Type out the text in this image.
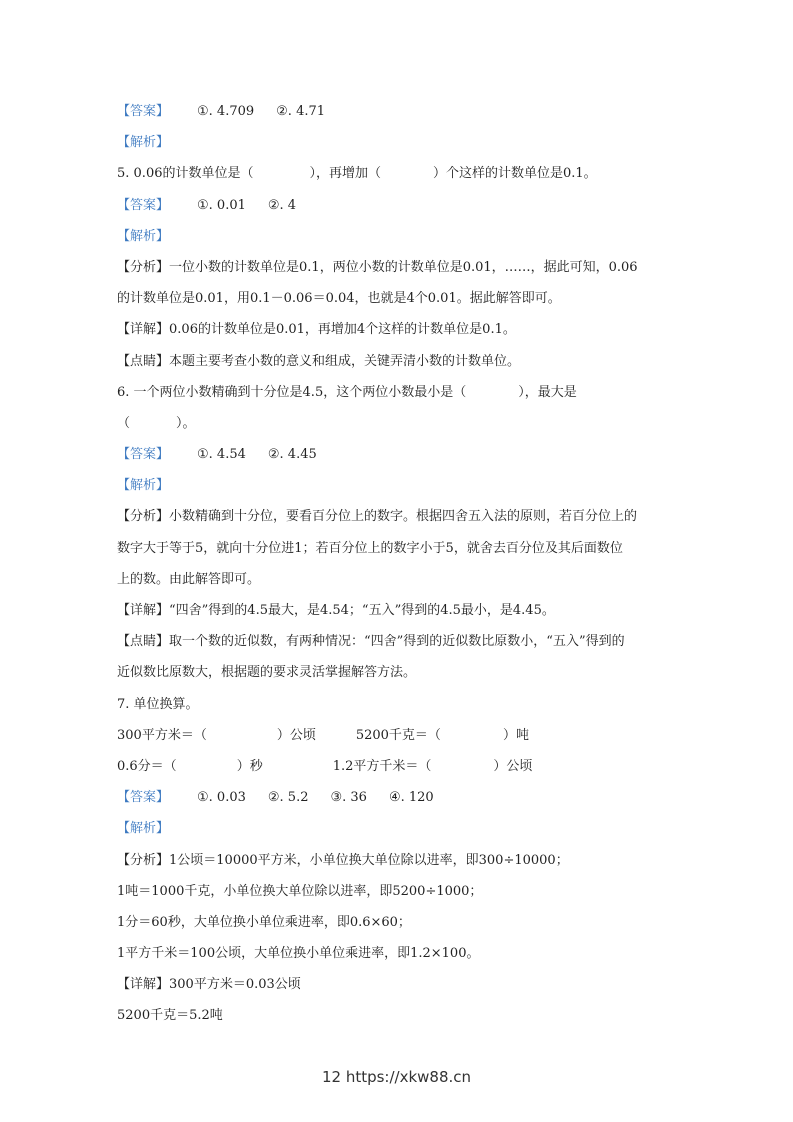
【答案】 ①. 4.709 ②. 4.71
【解析】
5. 0.06的计数单位是（	），再增加（	）个这样的计数单位是0.1。
【答案】 ①. 0.01 ②. 4
【解析】
【分析】一位小数的计数单位是0.1，两位小数的计数单位是0.01，……，据此可知，0.06
的计数单位是0.01，用0.1－0.06＝0.04，也就是4个0.01。据此解答即可。
【详解】0.06的计数单位是0.01，再增加4个这样的计数单位是0.1。
【点睛】本题主要考查小数的意义和组成，关键弄清小数的计数单位。
6. 一个两位小数精确到十分位是4.5，这个两位小数最小是（	），最大是
（	）。
【答案】 ①. 4.54 ②. 4.45
【解析】
【分析】小数精确到十分位，要看百分位上的数字。根据四舍五入法的原则，若百分位上的
数字大于等于5，就向十分位进1；若百分位上的数字小于5，就舍去百分位及其后面数位
上的数。由此解答即可。
【详解】“四舍”得到的4.5最大，是4.54；“五入”得到的4.5最小，是4.45。
【点睛】取一个数的近似数，有两种情况：“四舍”得到的近似数比原数小，“五入”得到的
近似数比原数大，根据题的要求灵活掌握解答方法。
7. 单位换算。
300平方米＝（	）公顷	5200千克＝（	）吨
0.6分＝（	）秒	1.2平方千米＝（	）公顷
【答案】 ①. 0.03 ②. 5.2 ③. 36 ④. 120
【解析】
【分析】1公顷＝10000平方米，小单位换大单位除以进率，即300÷10000；
1吨＝1000千克，小单位换大单位除以进率，即5200÷1000；
1分＝60秒，大单位换小单位乘进率，即0.6×60；
1平方千米＝100公顷，大单位换小单位乘进率，即1.2×100。
【详解】300平方米＝0.03公顷
5200千克＝5.2吨
12 https://xkw88.cn
